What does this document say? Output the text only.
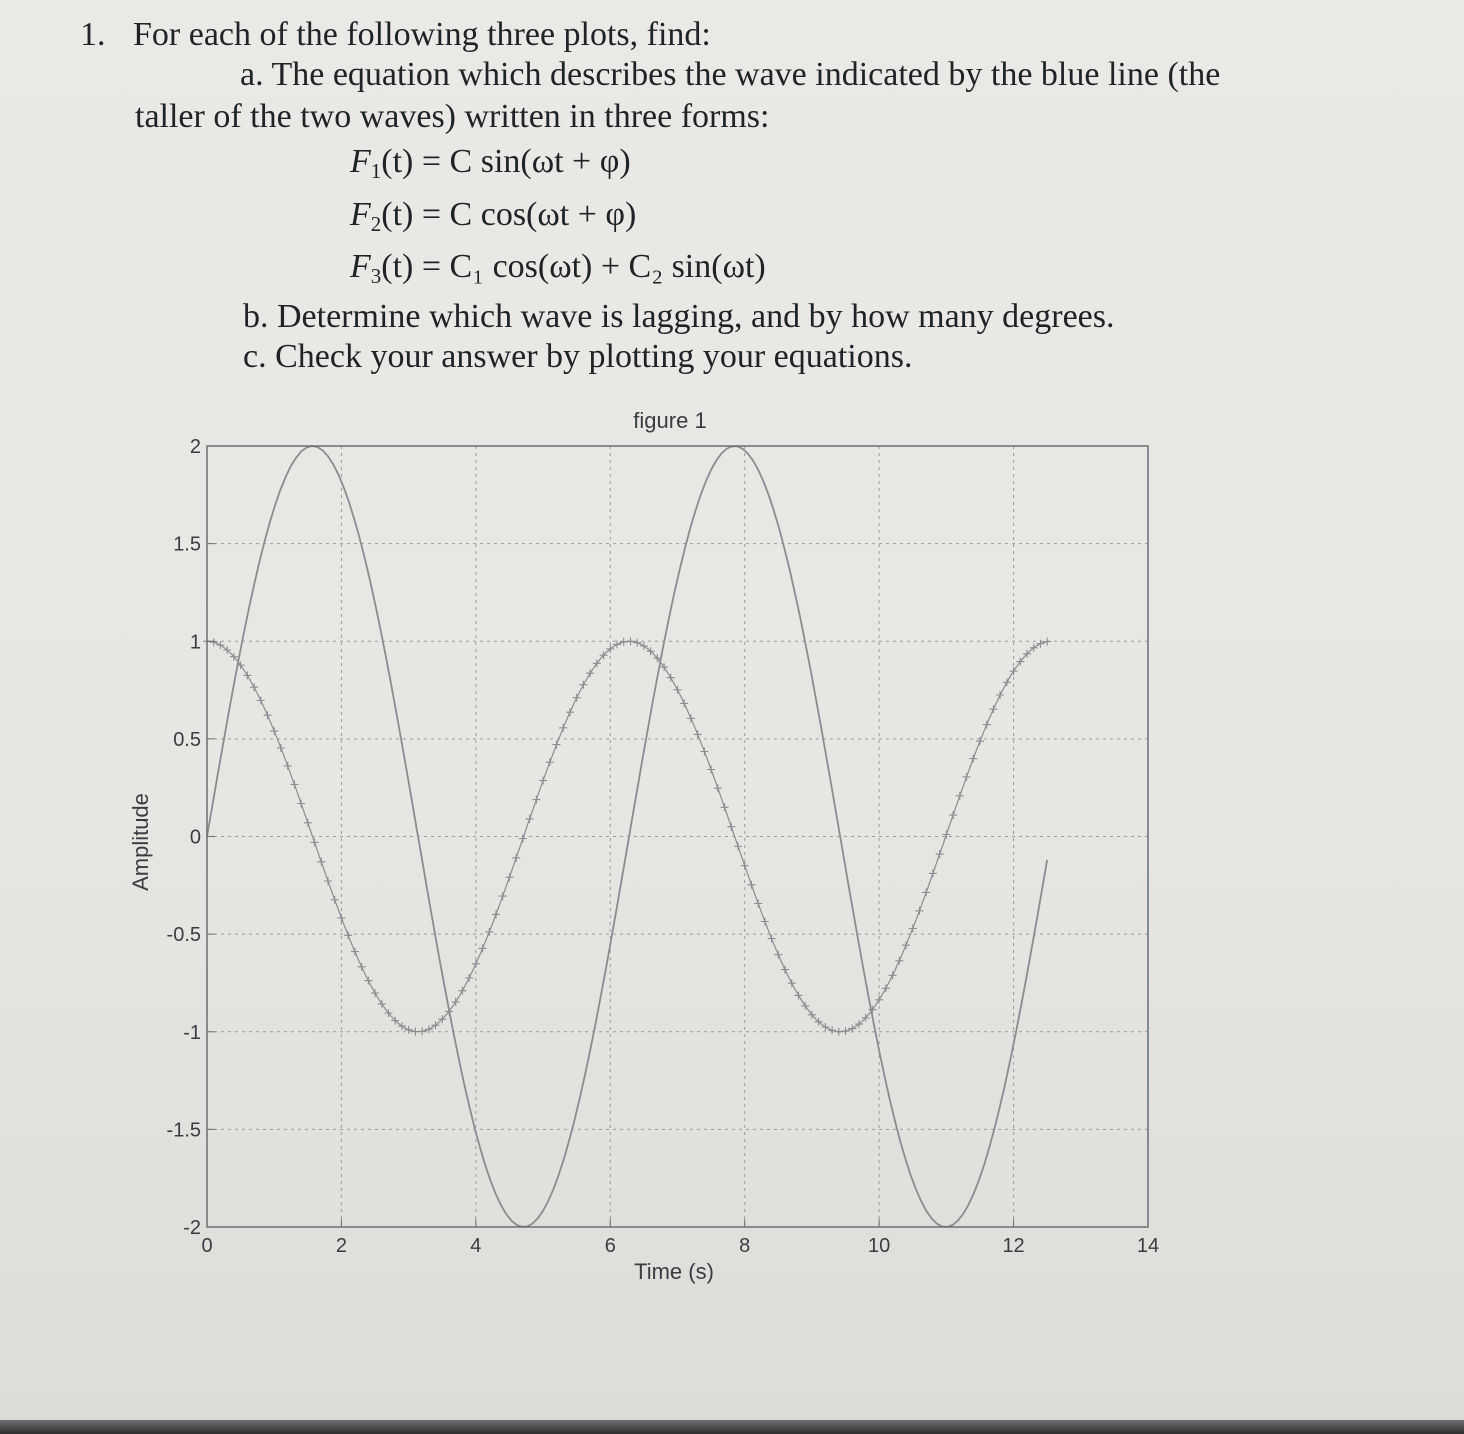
1. For each of the following three plots, find:
a. The equation which describes the wave indicated by the blue line (the
taller of the two waves) written in three forms:
$F_1(t) = C$ sin(ωt + φ)
$F_2(t) = C$ cos(ωt + φ)
$F_3(t) = C_1$ cos(ωt) + C₂ sin(ωt)
b. Determine which wave is lagging, and by how many degrees.
c. Check your answer by plotting your equations.
figure 1
Time (s)
Amplitude
0	2	4	6	8	10	12	14
2
1.5
1
0.5
0
-0.5
-1
-1.5
-2
